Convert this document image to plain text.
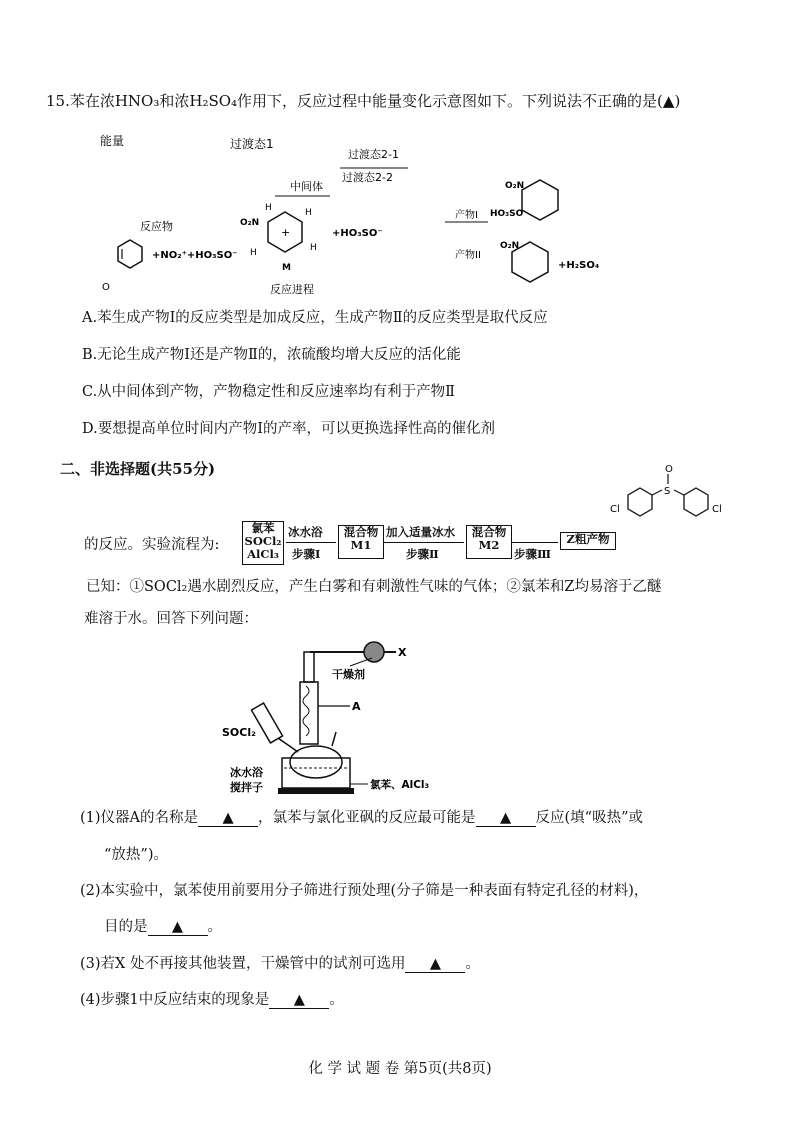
15.苯在浓HNO₃和浓H₂SO₄作用下，反应过程中能量变化示意图如下。下列说法不正确的是(▲)
能量	过渡态1
过渡态2-1
过渡态2-2
中间体
反应物
+NO₂⁺+HO₃SO⁻
O
+
O₂N
H	H
H	H
M
+HO₃SO⁻
产物I
O₂N
HO₃SO
产物II
O₂N
+H₂SO₄
反应进程
A.苯生成产物Ⅰ的反应类型是加成反应，生成产物Ⅱ的反应类型是取代反应
B.无论生成产物Ⅰ还是产物Ⅱ的，浓硫酸均增大反应的活化能
C.从中间体到产物，产物稳定性和反应速率均有利于产物Ⅱ
D.要想提高单位时间内产物Ⅰ的产率，可以更换选择性高的催化剂
二、非选择题(共55分)	O
S
Cl	Cl
的反应。实验流程为:
氯苯
SOCl₂
AlCl₃
冰水浴
步骤Ⅰ
混合物
M1
加入适量冰水
步骤Ⅱ
混合物
M2
步骤Ⅲ
Z粗产物
已知：①SOCl₂遇水剧烈反应，产生白雾和有刺激性气味的气体；②氯苯和Z均易溶于乙醚
难溶于水。回答下列问题：
X
干燥剂
A
SOCl₂
氯苯、AlCl₃
冰水浴
搅拌子
(1)仪器A的名称是 ▲ ，氯苯与氯化亚砜的反应最可能是 ▲ 反应(填“吸热”或
“放热”)。
(2)本实验中，氯苯使用前要用分子筛进行预处理(分子筛是一种表面有特定孔径的材料)，
目的是 ▲ 。
(3)若X 处不再接其他装置，干燥管中的试剂可选用 ▲ 。
(4)步骤1中反应结束的现象是 ▲ 。
化 学 试 题 卷 第5页(共8页)
